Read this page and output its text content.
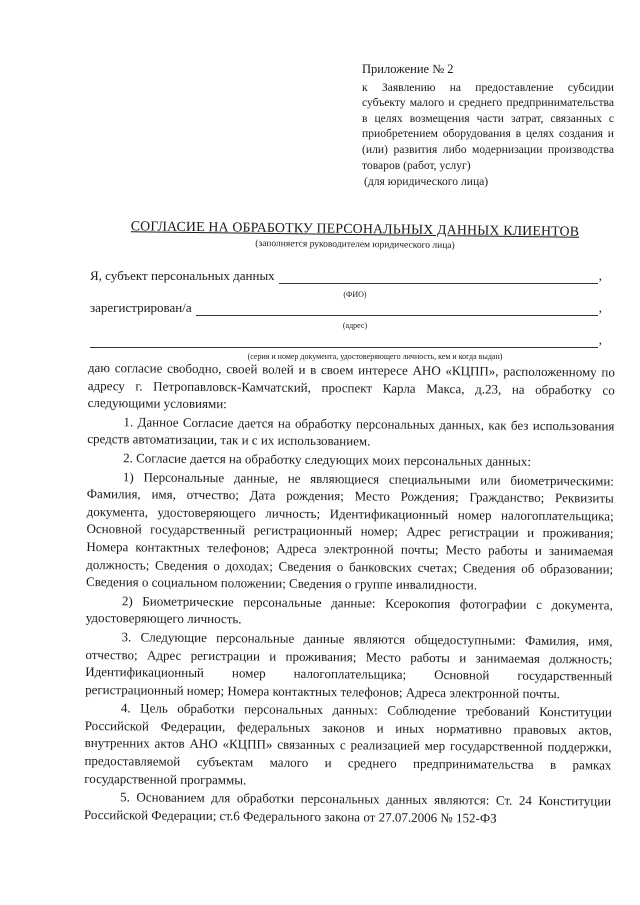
Приложение № 2
к Заявлению на предоставление субсидии субъекту малого и среднего предпринимательства в целях возмещения части затрат, связанных с приобретением оборудования в целях создания и (или) развития либо модернизации производства товаров (работ, услуг)
(для юридического лица)
СОГЛАСИЕ НА ОБРАБОТКУ ПЕРСОНАЛЬНЫХ ДАННЫХ КЛИЕНТОВ
(заполняется руководителем юридического лица)
Я, субъект персональных данных	,
(ФИО)
зарегистрирован/а	,
(адрес)
,
(серия и номер документа, удостоверяющего личность, кем и когда выдан)

даю согласие свободно, своей волей и в своем интересе АНО «КЦПП», расположенному по адресу г. Петропавловск-Камчатский, проспект Карла Макса, д.23, на обработку со следующими условиями:

1. Данное Согласие дается на обработку персональных данных, как без использования средств автоматизации, так и с их использованием.

2. Согласие дается на обработку следующих моих персональных данных:

1) Персональные данные, не являющиеся специальными или биометрическими: Фамилия, имя, отчество; Дата рождения; Место Рождения; Гражданство; Реквизиты документа, удостоверяющего личность; Идентификационный номер налогоплательщика; Основной государственный регистрационный номер; Адрес регистрации и проживания; Номера контактных телефонов; Адреса электронной почты; Место работы и занимаемая должность; Сведения о доходах; Сведения о банковских счетах; Сведения об образовании; Сведения о социальном положении; Сведения о группе инвалидности.

2) Биометрические персональные данные: Ксерокопия фотографии с документа, удостоверяющего личность.

3. Следующие персональные данные являются общедоступными: Фамилия, имя, отчество; Адрес регистрации и проживания; Место работы и занимаемая должность; Идентификационный номер налогоплательщика; Основной государственный регистрационный номер; Номера контактных телефонов; Адреса электронной почты.

4. Цель обработки персональных данных: Соблюдение требований Конституции Российской Федерации, федеральных законов и иных нормативно правовых актов, внутренних актов АНО «КЦПП» связанных с реализацией мер государственной поддержки, предоставляемой субъектам малого и среднего предпринимательства в рамках государственной программы.

5. Основанием для обработки персональных данных являются: Ст. 24 Конституции Российской Федерации; ст.6 Федерального закона от 27.07.2006 № 152-ФЗ
